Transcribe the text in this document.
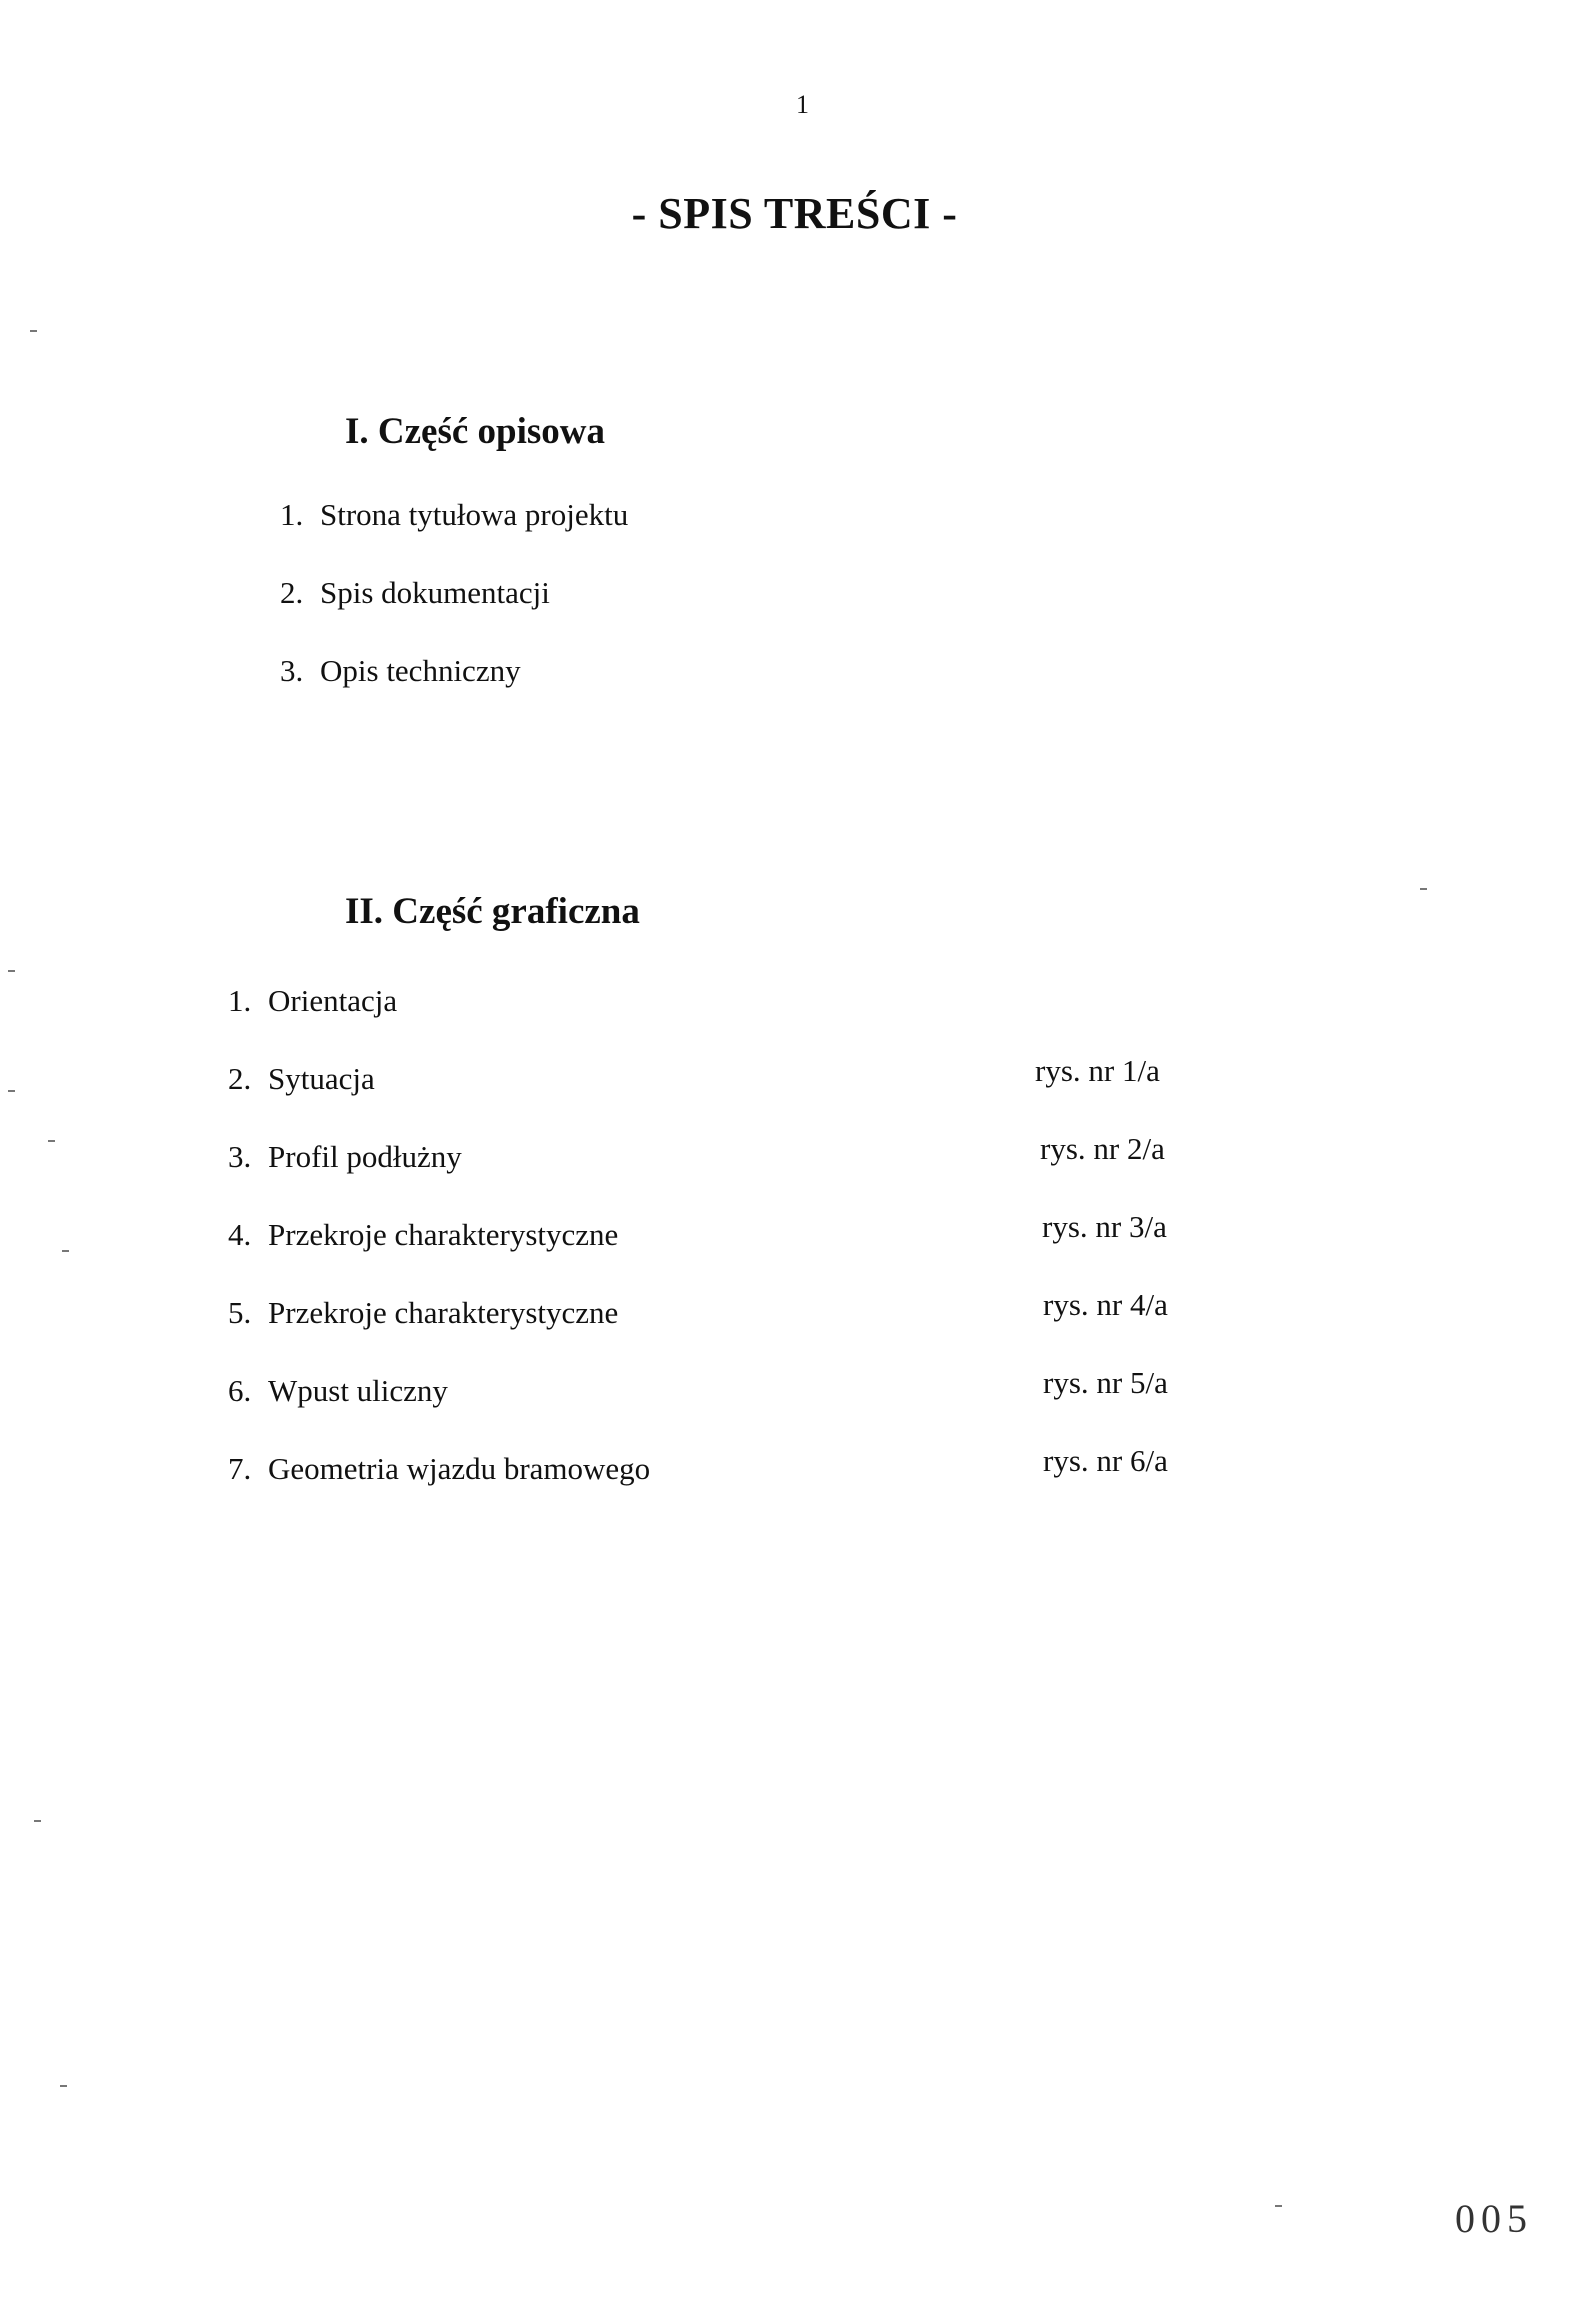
1
- SPIS TREŚCI -
I. Część opisowa
1. Strona tytułowa projektu
2. Spis dokumentacji
3. Opis techniczny
II. Część graficzna
1. Orientacja
2. Sytuacja	rys. nr 1/a
3. Profil podłużny	rys. nr 2/a
4. Przekroje charakterystyczne	rys. nr 3/a
5. Przekroje charakterystyczne	rys. nr 4/a
6. Wpust uliczny	rys. nr 5/a
7. Geometria wjazdu bramowego	rys. nr 6/a
005
